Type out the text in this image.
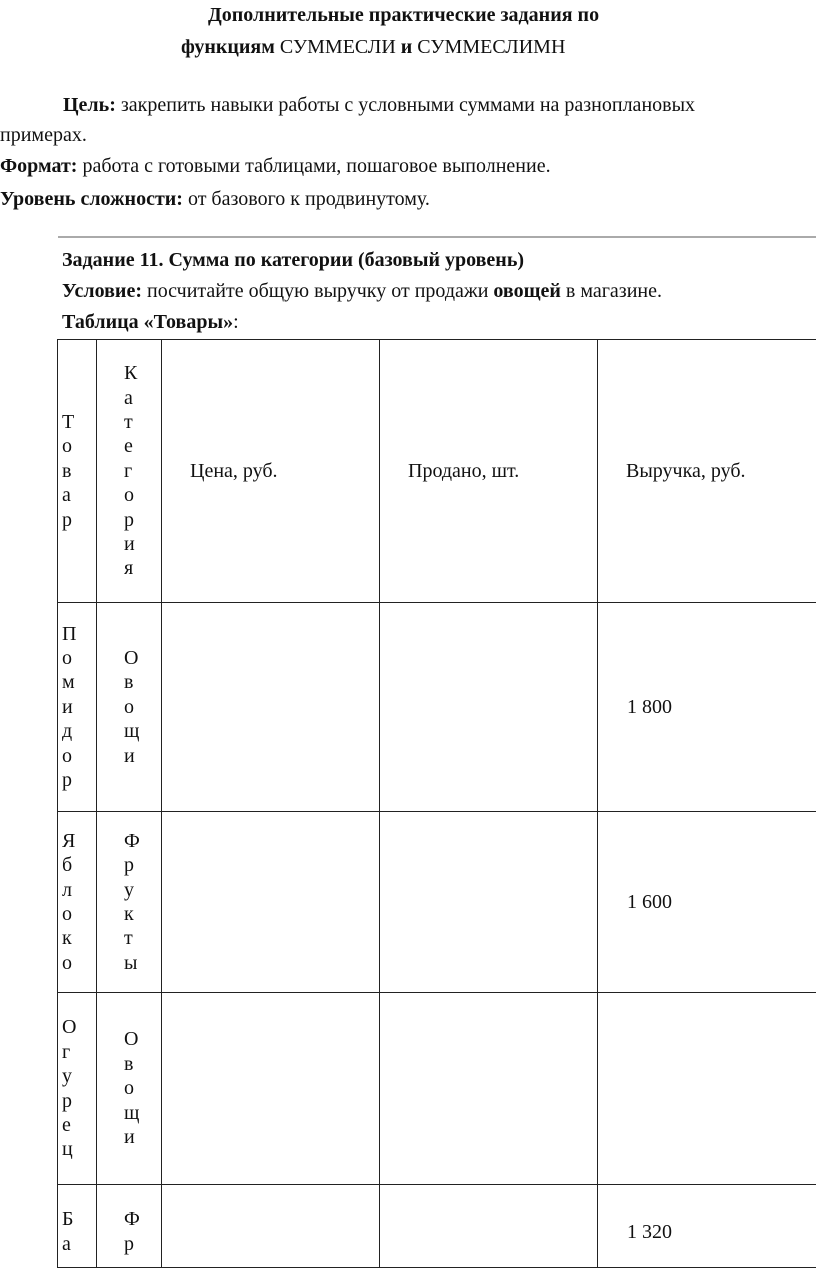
Дополнительные практические задания по
функциям СУММЕСЛИ и СУММЕСЛИМН
Цель: закрепить навыки работы с условными суммами на разноплановых
примерах.
Формат: работа с готовыми таблицами, пошаговое выполнение.
Уровень сложности: от базового к продвинутому.
Задание 11. Сумма по категории (базовый уровень)
Условие: посчитайте общую выручку от продажи овощей в магазине.
Таблица «Товары»:
Товар	Категория	Цена, руб.	Продано, шт.	Выручка, руб.

Помидор	Овощи			1 800

Яблоко	Фрукты			1 600

Огурец	Овощи			

Ба	Фр			1 320
